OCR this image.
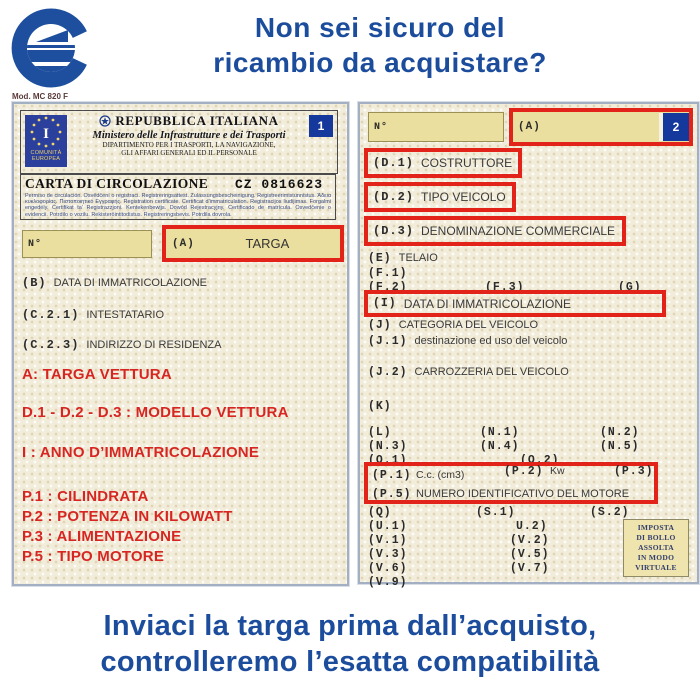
Non sei sicuro del
ricambio da acquistare?
Mod. MC 820 F
I
COMUNITÀ
EUROPEA
REPUBBLICA ITALIANA
Ministero delle Infrastrutture e dei Trasporti
DIPARTIMENTO PER I TRASPORTI, LA NAVIGAZIONE,
GLI AFFARI GENERALI ED IL PERSONALE
1
CARTA DI CIRCOLAZIONE CZ 0816623
Permiso de circulación. Osvědčení o registraci. Registreringsattest. Zulassungsbescheinigung. Registreerimistunnistus. Άδεια κυκλοφορίας. Πιστοποιητικό Εγγραφής. Registration certificate. Certificat d'immatriculation. Registracijos liudijimas. Forgalmi engedély. Ċertifikat ta' Registrazzjoni. Kentekenbewijs. Dowód Rejestracyjny. Certificado de matrícula. Osvedčenie o evidencii. Potrdilo o vozilu. Rekisteröintitodistus. Registreringsbevis. Potrdila dovrola.
N°	(A)	TARGA
(B) DATA DI IMMATRICOLAZIONE
(C.2.1) INTESTATARIO
(C.2.3) INDIRIZZO DI RESIDENZA
A: TARGA VETTURA
D.1 - D.2 - D.3 : MODELLO VETTURA
I : ANNO D’IMMATRICOLAZIONE
P.1 : CILINDRATA
P.2 : POTENZA IN KILOWATT
P.3 : ALIMENTAZIONE
P.5 : TIPO MOTORE
N°	(A)	2
(D.1) COSTRUTTORE
(D.2) TIPO VEICOLO
(D.3) DENOMINAZIONE COMMERCIALE
(E) TELAIO
(F.1)
(F.2)	(F.3)	(G)
(I) DATA DI IMMATRICOLAZIONE
(J) CATEGORIA DEL VEICOLO
(J.1) destinazione ed uso del veicolo
(J.2) CARROZZERIA DEL VEICOLO
(K)
(L)	(N.1)	(N.2)
(N.3)	(N.4)	(N.5)
(O.1)	(O.2)
(P.1) C.c. (cm3)	(P.2) Kw	(P.3)
(P.5) NUMERO IDENTIFICATIVO DEL MOTORE
(Q)	(S.1)	(S.2)
(U.1)	U.2)
(V.1)	(V.2)
(V.3)	(V.5)
(V.6)	(V.7)
(V.9)
IMPOSTA
DI BOLLO
ASSOLTA
IN MODO
VIRTUALE
Inviaci la targa prima dall’acquisto,
controlleremo l’esatta compatibilità
